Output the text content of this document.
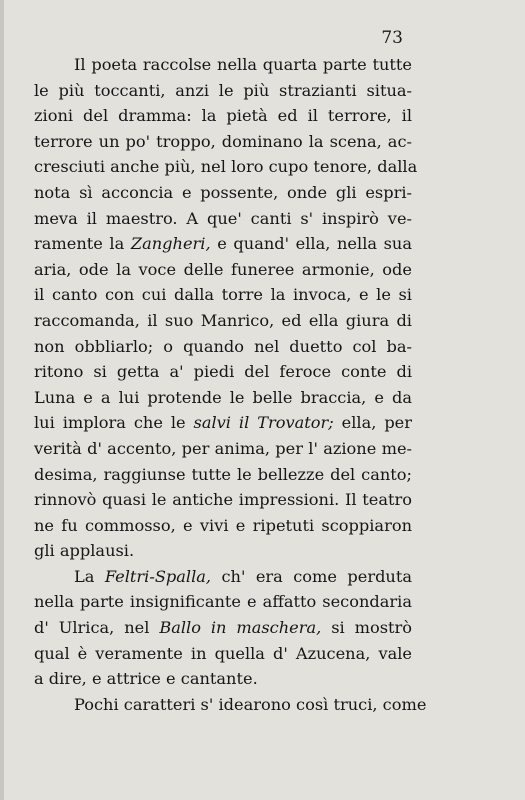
73

Il poeta raccolse nella quarta parte tutte
le più toccanti, anzi le più strazianti situa-
zioni del dramma: la pietà ed il terrore, il
terrore un po' troppo, dominano la scena, ac-
cresciuti anche più, nel loro cupo tenore, dalla
nota sì acconcia e possente, onde gli espri-
meva il maestro. A que' canti s' inspirò ve-
ramente la Zangheri, e quand' ella, nella sua
aria, ode la voce delle funeree armonie, ode
il canto con cui dalla torre la invoca, e le si
raccomanda, il suo Manrico, ed ella giura di
non obbliarlo; o quando nel duetto col ba-
ritono si getta a' piedi del feroce conte di
Luna e a lui protende le belle braccia, e da
lui implora che le salvi il Trovator; ella, per
verità d' accento, per anima, per l' azione me-
desima, raggiunse tutte le bellezze del canto;
rinnovò quasi le antiche impressioni. Il teatro
ne fu commosso, e vivi e ripetuti scoppiaron
gli applausi.
La Feltri-Spalla, ch' era come perduta
nella parte insignificante e affatto secondaria
d' Ulrica, nel Ballo in maschera, si mostrò
qual è veramente in quella d' Azucena, vale
a dire, e attrice e cantante.
Pochi caratteri s' idearono così truci, come
